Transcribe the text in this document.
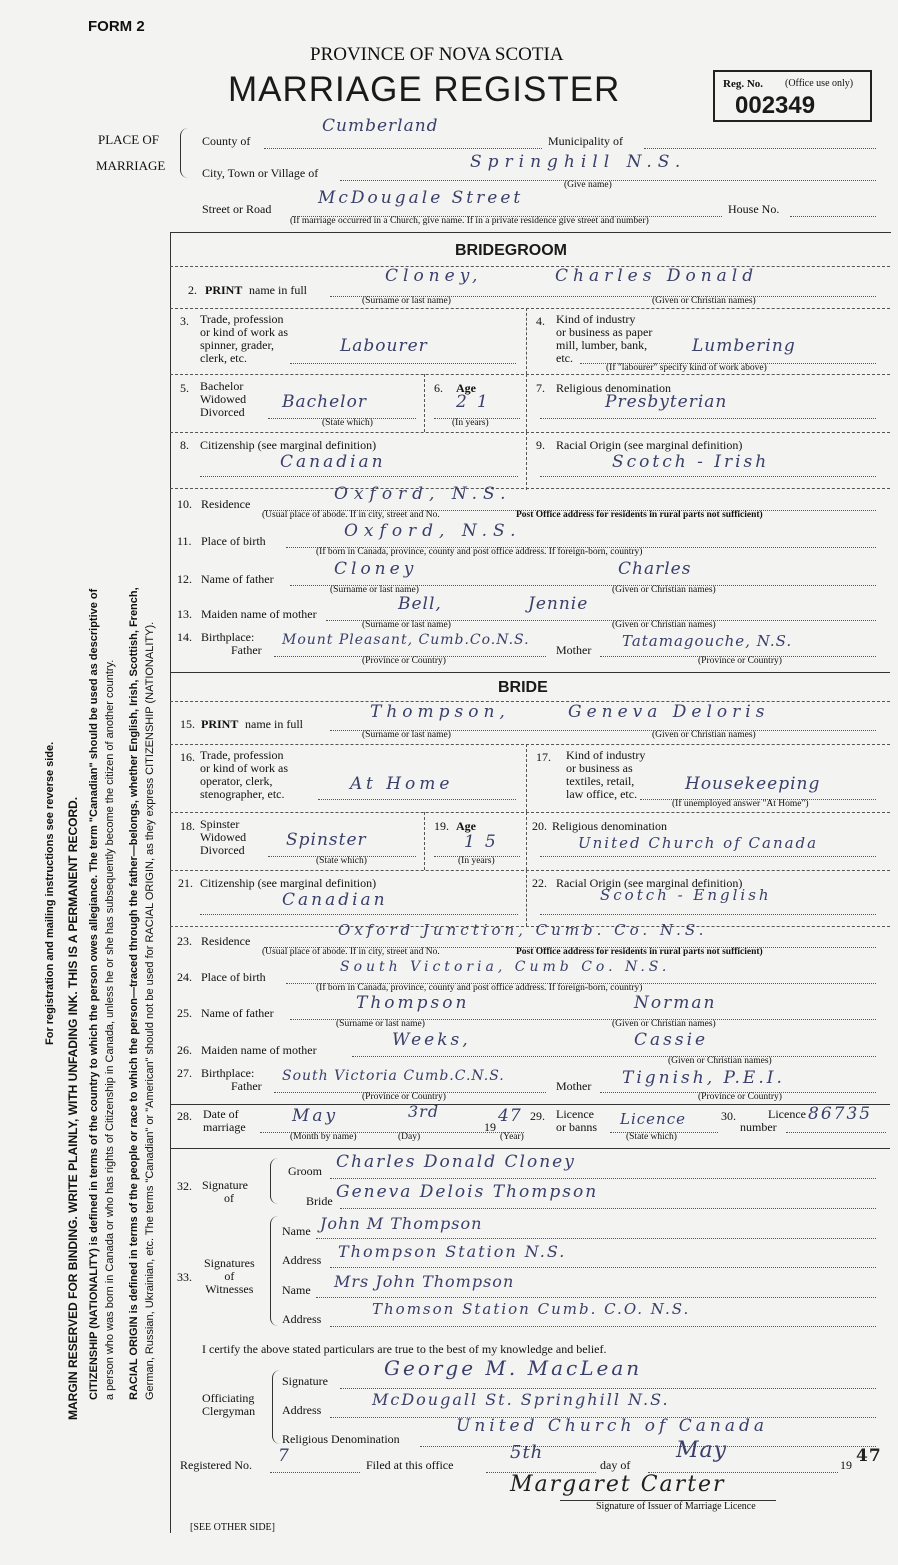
FORM 2
PROVINCE OF NOVA SCOTIA
MARRIAGE REGISTER	Reg. No. (Office use only)
002349
PLACE OF
MARRIAGE
County of
Cumberland
Municipality of
City, Town or Village of
Springhill N.S.
(Give name)
Street or Road
McDougale Street
House No.
(If marriage occurred in a Church, give name. If in a private residence give street and number)
For registration and mailing instructions see reverse side. MARGIN RESERVED FOR BINDING. WRITE PLAINLY, WITH UNFADING INK. THIS IS A PERMANENT RECORD. CITIZENSHIP (NATIONALITY) is defined in terms of the country to which the person owes allegiance. The term "Canadian" should be used as descriptive of a person who was born in Canada or who has rights of Citizenship in Canada, unless he or she has subsequently become the citizen of another country. RACIAL ORIGIN is defined in terms of the people or race to which the person—traced through the father—belongs, whether English, Irish, Scottish, French, German, Russian, Ukrainian, etc. The terms "Canadian" or "American" should not be used for RACIAL ORIGIN, as they express CITIZENSHIP (NATIONALITY).
BRIDEGROOM
2. PRINT name in full
Cloney,	Charles Donald
(Surname or last name)	(Given or Christian names)
3. Trade, profession
or kind of work as
spinner, grader,
clerk, etc.
Labourer
4. Kind of industry
or business as paper
mill, lumber, bank,
etc.
Lumbering
(If "labourer" specify kind of work above)
5. Bachelor
Widowed
Divorced Bachelor
(State which)
6. Age
21
(In years)
7. Religious denomination
Presbyterian
8. Citizenship (see marginal definition)
Canadian
9. Racial Origin (see marginal definition)
Scotch - Irish
10. Residence	Oxford, N.S.
(Usual place of abode. If in city, street and No.	Post Office address for residents in rural parts not sufficient)
11. Place of birth	Oxford, N.S.
(If born in Canada, province, county and post office address. If foreign-born, country)
12. Name of father	Cloney	Charles
(Surname or last name)	(Given or Christian names)
13. Maiden name of mother	Bell,	Jennie
(Surname or last name)	(Given or Christian names)
14. Birthplace:
Father
Mount Pleasant, Cumb.Co.N.S.
Mother Tatamagouche, N.S.
(Province or Country)	(Province or Country)
BRIDE
15. PRINT name in full
Thompson,	Geneva Deloris
(Surname or last name)	(Given or Christian names)
16. Trade, profession
or kind of work as
operator, clerk,
stenographer, etc.	At Home
17. Kind of industry
or business as
textiles, retail,
law office, etc.	Housekeeping
(If unemployed answer "At Home")
18. Spinster
Widowed
Divorced Spinster
(State which)
19. Age
15
(In years)
20. Religious denomination
United Church of Canada
21. Citizenship (see marginal definition)
Canadian
22. Racial Origin (see marginal definition)
Scotch - English
23. Residence
Oxford Junction, Cumb. Co. N.S.
(Usual place of abode. If in city, street and No.	Post Office address for residents in rural parts not sufficient)
24. Place of birth
South Victoria, Cumb Co. N.S.
(If born in Canada, province, county and post office address. If foreign-born, country)
25. Name of father	Thompson	Norman
(Surname or last name)	(Given or Christian names)
26. Maiden name of mother	Weeks,	Cassie
(Given or Christian names)
27. Birthplace:
Father
South Victoria Cumb.C.N.S.
Mother Tignish, P.E.I.
(Province or Country)	(Province or Country)
28. Date of
marriage
May	3rd
19
47
(Month by name)	(Day)	(Year)
29. Licence
or banns Licence
(State which)
30.	Licence
number
86735
32. Signature
of
Groom Charles Donald Cloney
Bride Geneva Delois Thompson
33.
Signatures
of
Witnesses
Name John M Thompson
Address Thompson Station N.S.
Name Mrs John Thompson
Address
Thomson Station Cumb. C.O. N.S.
I certify the above stated particulars are true to the best of my knowledge and belief.
Officiating
Clergyman
Signature
George M. MacLean
Address
McDougall St. Springhill N.S.
Religious Denomination
United Church of Canada
Registered No. 7	Filed at this office
5th
day of
May
19 47
Margaret Carter
Signature of Issuer of Marriage Licence
[SEE OTHER SIDE]
